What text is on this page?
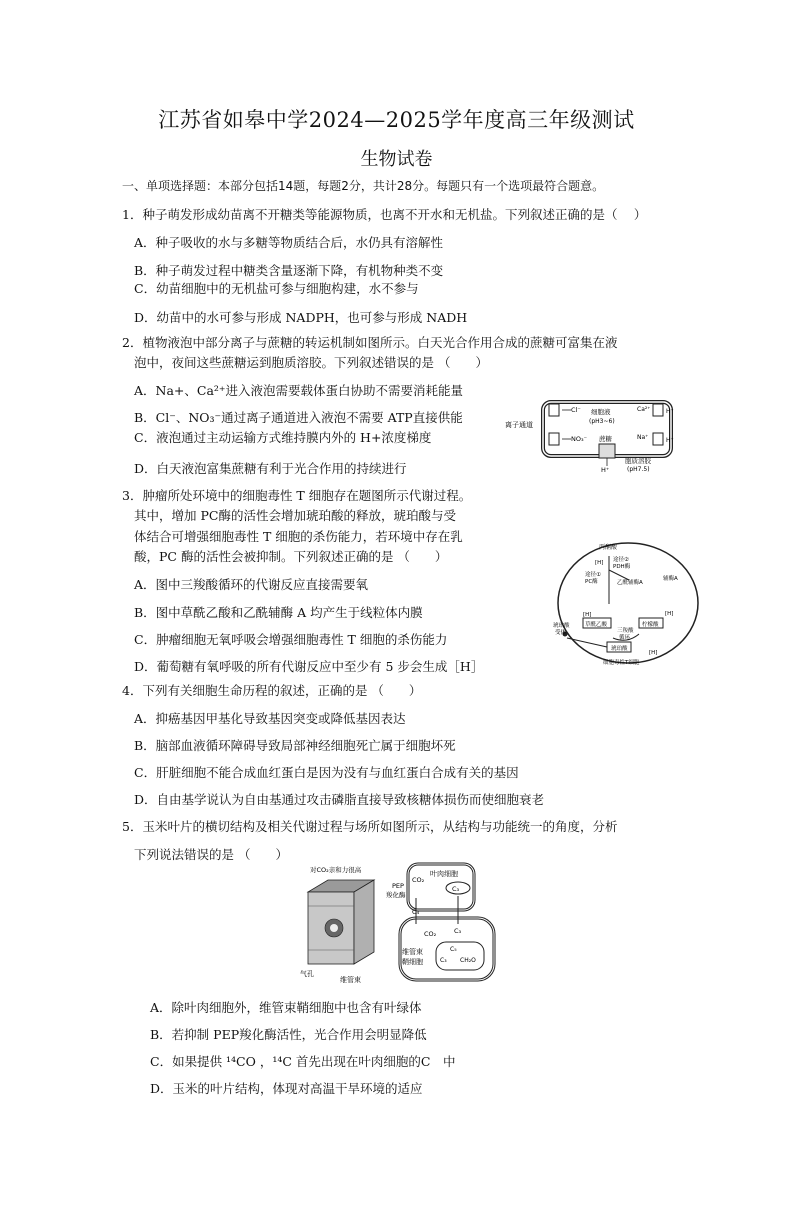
江苏省如皋中学2024—2025学年度高三年级测试
生物试卷
一、单项选择题：本部分包括14题，每题2分，共计28分。每题只有一个选项最符合题意。
1．种子萌发形成幼苗离不开糖类等能源物质，也离不开水和无机盐。下列叙述正确的是（　 ）
A．种子吸收的水与多糖等物质结合后，水仍具有溶解性
B．种子萌发过程中糖类含量逐渐下降，有机物种类不变
C．幼苗细胞中的无机盐可参与细胞构建，水不参与
D．幼苗中的水可参与形成 NADPH，也可参与形成 NADH
2．植物液泡中部分离子与蔗糖的转运机制如图所示。白天光合作用合成的蔗糖可富集在液
泡中，夜间这些蔗糖运到胞质溶胶。下列叙述错误的是 （　　）
A．Na+、Ca²⁺进入液泡需要载体蛋白协助不需要消耗能量
B．Cl⁻、NO₃⁻通过离子通道进入液泡不需要 ATP直接供能
C．液泡通过主动运输方式维持膜内外的 H+浓度梯度
D．白天液泡富集蔗糖有利于光合作用的持续进行
离子通道
Cl⁻
NO₃⁻
细胞液
(pH3~6)
蔗糖
H⁺
Ca²⁺
Na⁺
H⁺
H⁺
胞质溶胶
(pH7.5)
3．肿瘤所处环境中的细胞毒性 T 细胞存在题图所示代谢过程。
其中，增加 PC酶的活性会增加琥珀酸的释放，琥珀酸与受
体结合可增强细胞毒性 T 细胞的杀伤能力，若环境中存在乳
酸，PC 酶的活性会被抑制。下列叙述正确的是 （　　）
A．图中三羧酸循环的代谢反应直接需要氧
B．图中草酰乙酸和乙酰辅酶 A 均产生于线粒体内膜
C．肿瘤细胞无氧呼吸会增强细胞毒性 T 细胞的杀伤能力
D．葡萄糖有氧呼吸的所有代谢反应中至少有 5 步会生成［H］
丙酮酸
途径②
PDH酶
途径①
PC酶	乙酰辅酶A
辅酶A
[H]
[H]	[H]
[H]
草酰乙酸	柠檬酸
三羧酸
循环
琥珀酸
琥珀酸
受体
细胞毒性T细胞
4．下列有关细胞生命历程的叙述，正确的是 （　　）
A．抑癌基因甲基化导致基因突变或降低基因表达
B．脑部血液循环障碍导致局部神经细胞死亡属于细胞坏死
C．肝脏细胞不能合成血红蛋白是因为没有与血红蛋白合成有关的基因
D．自由基学说认为自由基通过攻击磷脂直接导致核糖体损伤而使细胞衰老
5．玉米叶片的横切结构及相关代谢过程与场所如图所示，从结构与功能统一的角度，分析
下列说法错误的是 （　　）
对CO₂亲和力很高
PEP
羧化酶
CO₂
叶肉细胞
C₃
C₄
CO₂	C₃
维管束
鞘细胞
C₅
C₃ CH₂O
气孔
维管束
A．除叶肉细胞外，维管束鞘细胞中也含有叶绿体
B．若抑制 PEP羧化酶活性，光合作用会明显降低
C．如果提供 ¹⁴CO ，¹⁴C 首先出现在叶肉细胞的C　中
D．玉米的叶片结构，体现对高温干旱环境的适应
